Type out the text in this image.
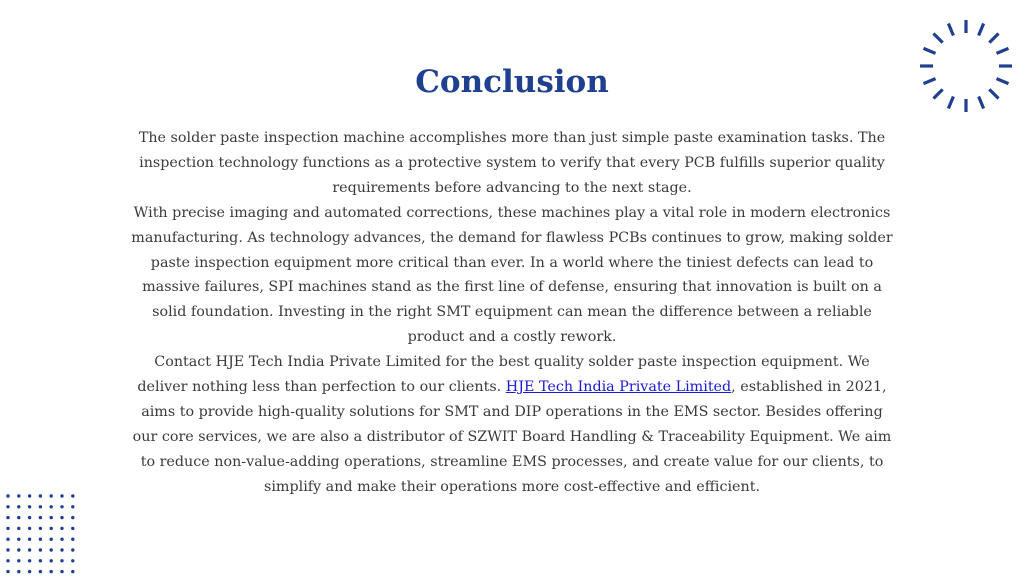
Conclusion

The solder paste inspection machine accomplishes more than just simple paste examination tasks. The inspection technology functions as a protective system to verify that every PCB fulfills superior quality requirements before advancing to the next stage.

With precise imaging and automated corrections, these machines play a vital role in modern electronics manufacturing. As technology advances, the demand for flawless PCBs continues to grow, making solder paste inspection equipment more critical than ever. In a world where the tiniest defects can lead to massive failures, SPI machines stand as the first line of defense, ensuring that innovation is built on a solid foundation. Investing in the right SMT equipment can mean the difference between a reliable product and a costly rework.

Contact HJE Tech India Private Limited for the best quality solder paste inspection equipment. We deliver nothing less than perfection to our clients. HJE Tech India Private Limited, established in 2021, aims to provide high-quality solutions for SMT and DIP operations in the EMS sector. Besides offering our core services, we are also a distributor of SZWIT Board Handling & Traceability Equipment. We aim to reduce non-value-adding operations, streamline EMS processes, and create value for our clients, to simplify and make their operations more cost-effective and efficient.
